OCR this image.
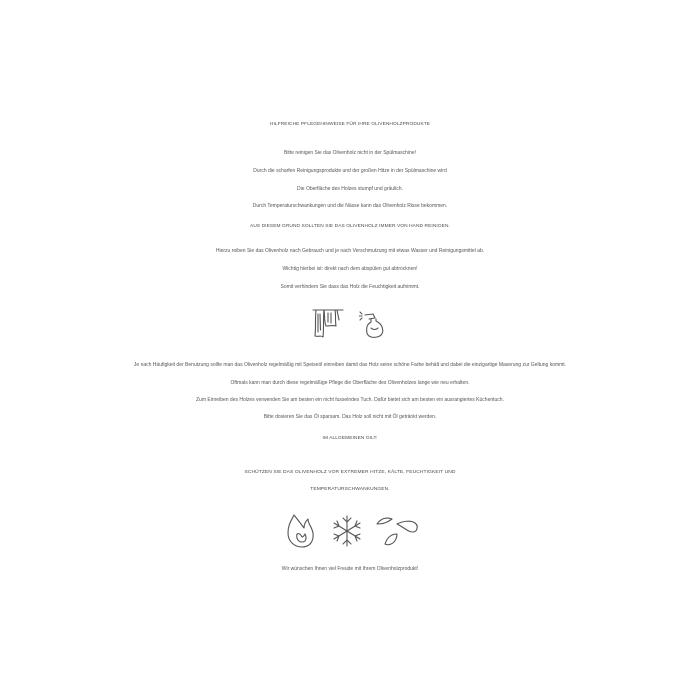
HILFREICHE PFLEGEHINWEISE FÜR IHRE OLIVENHOLZPRODUKTE
Bitte reinigen Sie das Olivenholz nicht in der Spülmaschine!
Durch die scharfen Reinigungsprodukte und der großen Hitze in der Spülmaschine wird
Die Oberfläche des Holzes stumpf und gräulich.
Durch Temperaturschwankungen und die Nässe kann das Olivenholz Risse bekommen.
AUS DIESEM GRUND SOLLTEN SIE DAS OLIVENHOLZ IMMER VON HAND REINIGEN.
Hierzu reiben Sie das Olivenholz nach Gebrauch und je nach Verschmutzung mit etwas Wasser und Reinigungsmittel ab.
Wichtig hierbei ist: direkt nach dem abspülen gut abtrocknen!
Somit verhindern Sie dass das Holz die Feuchtigkeit aufnimmt.
Je nach Häufigkeit der Benutzung sollte man das Olivenholz regelmäßig mit Speiseöl einreiben damit das Holz seine schöne Farbe behält und dabei die einzigartige Maserung zur Geltung kommt.
Oftmals kann man durch diese regelmäßige Pflege die Oberfläche des Olivenholzes lange wie neu erhalten.
Zum Einreiben des Holzes verwenden Sie am besten ein nicht fusselndes Tuch. Dafür bietet sich am besten ein ausrangiertes Küchentuch.
Bitte dosieren Sie das Öl sparsam. Das Holz soll nicht mit Öl getränkt werden.
IM ALLGEMEINEN GILT:
SCHÜTZEN SIE DAS OLIVENHOLZ VOR EXTREMER HITZE, KÄLTE, FEUCHTIGKEIT UND
TEMPERATURSCHWANKUNGEN.
Wir wünschen Ihnen viel Freude mit Ihrem Olivenholzprodukt!
